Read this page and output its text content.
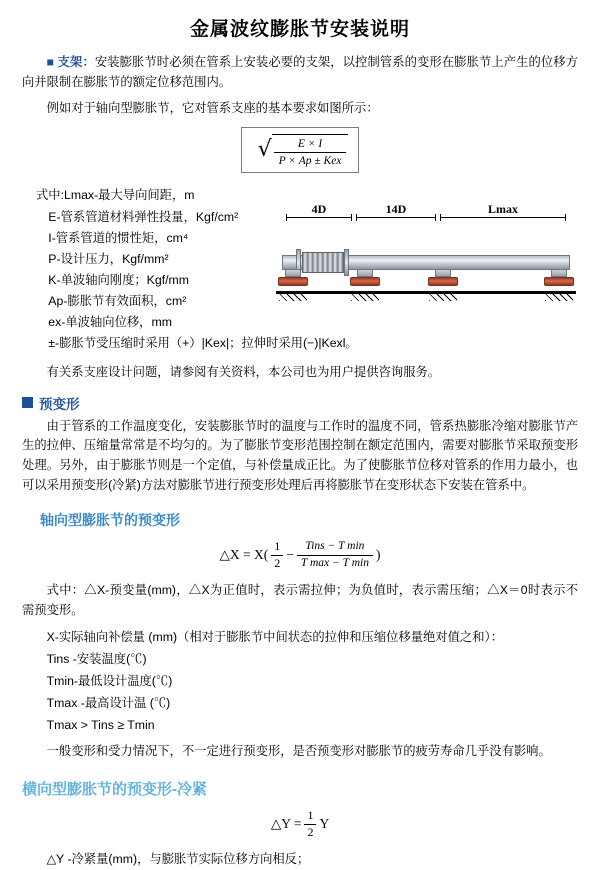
金属波纹膨胀节安装说明

■ 支架：安装膨胀节时必须在管系上安装必要的支架，以控制管系的变形在膨胀节上产生的位移方向并限制在膨胀节的额定位移范围内。

例如对于轴向型膨胀节，它对管系支座的基本要求如图所示：

√ $\frac{E \times I}{\text{P × Ap ± Kex}}$
式中:Lmax-最大导向间距，m
E-管系管道材料弹性投量，Kgf/cm²
I-管系管道的惯性矩，cm⁴
P-设计压力，Kgf/mm²
K-单波轴向刚度；Kgf/mm
Ap-膨胀节有效面积，cm²
ex-单波轴向位移，mm
±-膨胀节受压缩时采用（+）|Kex|；拉伸时采用(−)|Kexl。
4D	14D	Lmax

有关系支座设计问题，请参阅有关资料，本公司也为用户提供咨询服务。

预变形

由于管系的工作温度变化，安装膨胀节时的温度与工作时的温度不同，管系热膨胀冷缩对膨胀节产生的拉伸、压缩量常常是不均匀的。为了膨胀节变形范围控制在额定范围内，需要对膨胀节采取预变形处理。另外，由于膨胀节则是一个定值，与补偿量成正比。为了使膨胀节位移对管系的作用力最小，也可以采用预变形(冷紧)方法对膨胀节进行预变形处理后再将膨胀节在变形状态下安装在管系中。

轴向型膨胀节的预变形
△X = $X( \frac{1}{2} - \frac{\text{Tins − T min}}{\text{T max − T min}}$ )

式中：△X-预变量(mm)，△X为正值时，表示需拉伸；为负值时，表示需压缩；△X＝0时表示不需预变形。

X-实际轴向补偿量 (mm)（相对于膨胀节中间状态的拉伸和压缩位移量绝对值之和）：
Tins -安装温度(℃)
Tmin-最低设计温度(℃)
Tmax -最高设计温 (℃)
Tmax > Tins ≥ Tmin

一般变形和受力情况下，不一定进行预变形，是否预变形对膨胀节的疲劳寿命几乎没有影响。

横向型膨胀节的预变形-冷紧
△Y = $\frac{1}{2}$ Y

△Y -冷紧量(mm)，与膨胀节实际位移方向相反；
